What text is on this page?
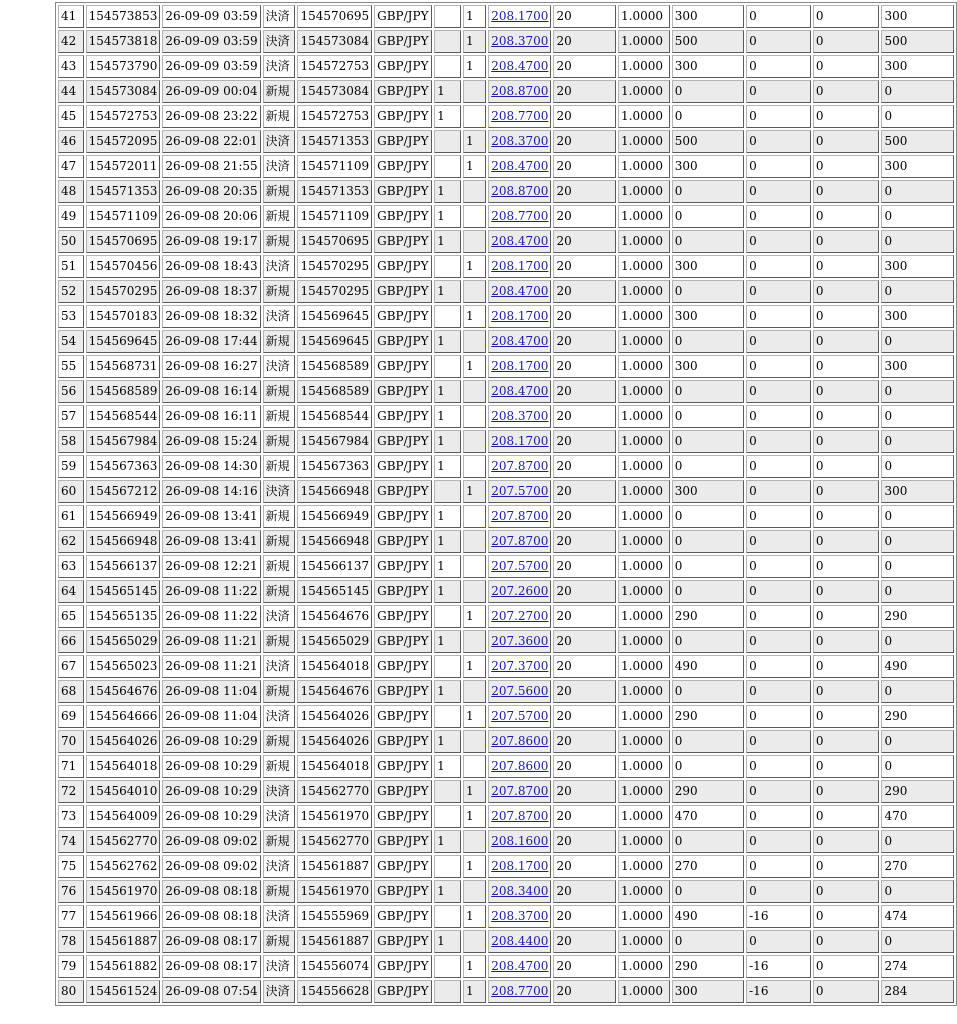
41	154573853	26-09-09 03:59	決済	154570695	GBP/JPY		1	208.1700	20	1.0000	300	0	0	300
42	154573818	26-09-09 03:59	決済	154573084	GBP/JPY		1	208.3700	20	1.0000	500	0	0	500
43	154573790	26-09-09 03:59	決済	154572753	GBP/JPY		1	208.4700	20	1.0000	300	0	0	300
44	154573084	26-09-09 00:04	新規	154573084	GBP/JPY	1		208.8700	20	1.0000	0	0	0	0
45	154572753	26-09-08 23:22	新規	154572753	GBP/JPY	1		208.7700	20	1.0000	0	0	0	0
46	154572095	26-09-08 22:01	決済	154571353	GBP/JPY		1	208.3700	20	1.0000	500	0	0	500
47	154572011	26-09-08 21:55	決済	154571109	GBP/JPY		1	208.4700	20	1.0000	300	0	0	300
48	154571353	26-09-08 20:35	新規	154571353	GBP/JPY	1		208.8700	20	1.0000	0	0	0	0
49	154571109	26-09-08 20:06	新規	154571109	GBP/JPY	1		208.7700	20	1.0000	0	0	0	0
50	154570695	26-09-08 19:17	新規	154570695	GBP/JPY	1		208.4700	20	1.0000	0	0	0	0
51	154570456	26-09-08 18:43	決済	154570295	GBP/JPY		1	208.1700	20	1.0000	300	0	0	300
52	154570295	26-09-08 18:37	新規	154570295	GBP/JPY	1		208.4700	20	1.0000	0	0	0	0
53	154570183	26-09-08 18:32	決済	154569645	GBP/JPY		1	208.1700	20	1.0000	300	0	0	300
54	154569645	26-09-08 17:44	新規	154569645	GBP/JPY	1		208.4700	20	1.0000	0	0	0	0
55	154568731	26-09-08 16:27	決済	154568589	GBP/JPY		1	208.1700	20	1.0000	300	0	0	300
56	154568589	26-09-08 16:14	新規	154568589	GBP/JPY	1		208.4700	20	1.0000	0	0	0	0
57	154568544	26-09-08 16:11	新規	154568544	GBP/JPY	1		208.3700	20	1.0000	0	0	0	0
58	154567984	26-09-08 15:24	新規	154567984	GBP/JPY	1		208.1700	20	1.0000	0	0	0	0
59	154567363	26-09-08 14:30	新規	154567363	GBP/JPY	1		207.8700	20	1.0000	0	0	0	0
60	154567212	26-09-08 14:16	決済	154566948	GBP/JPY		1	207.5700	20	1.0000	300	0	0	300
61	154566949	26-09-08 13:41	新規	154566949	GBP/JPY	1		207.8700	20	1.0000	0	0	0	0
62	154566948	26-09-08 13:41	新規	154566948	GBP/JPY	1		207.8700	20	1.0000	0	0	0	0
63	154566137	26-09-08 12:21	新規	154566137	GBP/JPY	1		207.5700	20	1.0000	0	0	0	0
64	154565145	26-09-08 11:22	新規	154565145	GBP/JPY	1		207.2600	20	1.0000	0	0	0	0
65	154565135	26-09-08 11:22	決済	154564676	GBP/JPY		1	207.2700	20	1.0000	290	0	0	290
66	154565029	26-09-08 11:21	新規	154565029	GBP/JPY	1		207.3600	20	1.0000	0	0	0	0
67	154565023	26-09-08 11:21	決済	154564018	GBP/JPY		1	207.3700	20	1.0000	490	0	0	490
68	154564676	26-09-08 11:04	新規	154564676	GBP/JPY	1		207.5600	20	1.0000	0	0	0	0
69	154564666	26-09-08 11:04	決済	154564026	GBP/JPY		1	207.5700	20	1.0000	290	0	0	290
70	154564026	26-09-08 10:29	新規	154564026	GBP/JPY	1		207.8600	20	1.0000	0	0	0	0
71	154564018	26-09-08 10:29	新規	154564018	GBP/JPY	1		207.8600	20	1.0000	0	0	0	0
72	154564010	26-09-08 10:29	決済	154562770	GBP/JPY		1	207.8700	20	1.0000	290	0	0	290
73	154564009	26-09-08 10:29	決済	154561970	GBP/JPY		1	207.8700	20	1.0000	470	0	0	470
74	154562770	26-09-08 09:02	新規	154562770	GBP/JPY	1		208.1600	20	1.0000	0	0	0	0
75	154562762	26-09-08 09:02	決済	154561887	GBP/JPY		1	208.1700	20	1.0000	270	0	0	270
76	154561970	26-09-08 08:18	新規	154561970	GBP/JPY	1		208.3400	20	1.0000	0	0	0	0
77	154561966	26-09-08 08:18	決済	154555969	GBP/JPY		1	208.3700	20	1.0000	490	-16	0	474
78	154561887	26-09-08 08:17	新規	154561887	GBP/JPY	1		208.4400	20	1.0000	0	0	0	0
79	154561882	26-09-08 08:17	決済	154556074	GBP/JPY		1	208.4700	20	1.0000	290	-16	0	274
80	154561524	26-09-08 07:54	決済	154556628	GBP/JPY		1	208.7700	20	1.0000	300	-16	0	284
